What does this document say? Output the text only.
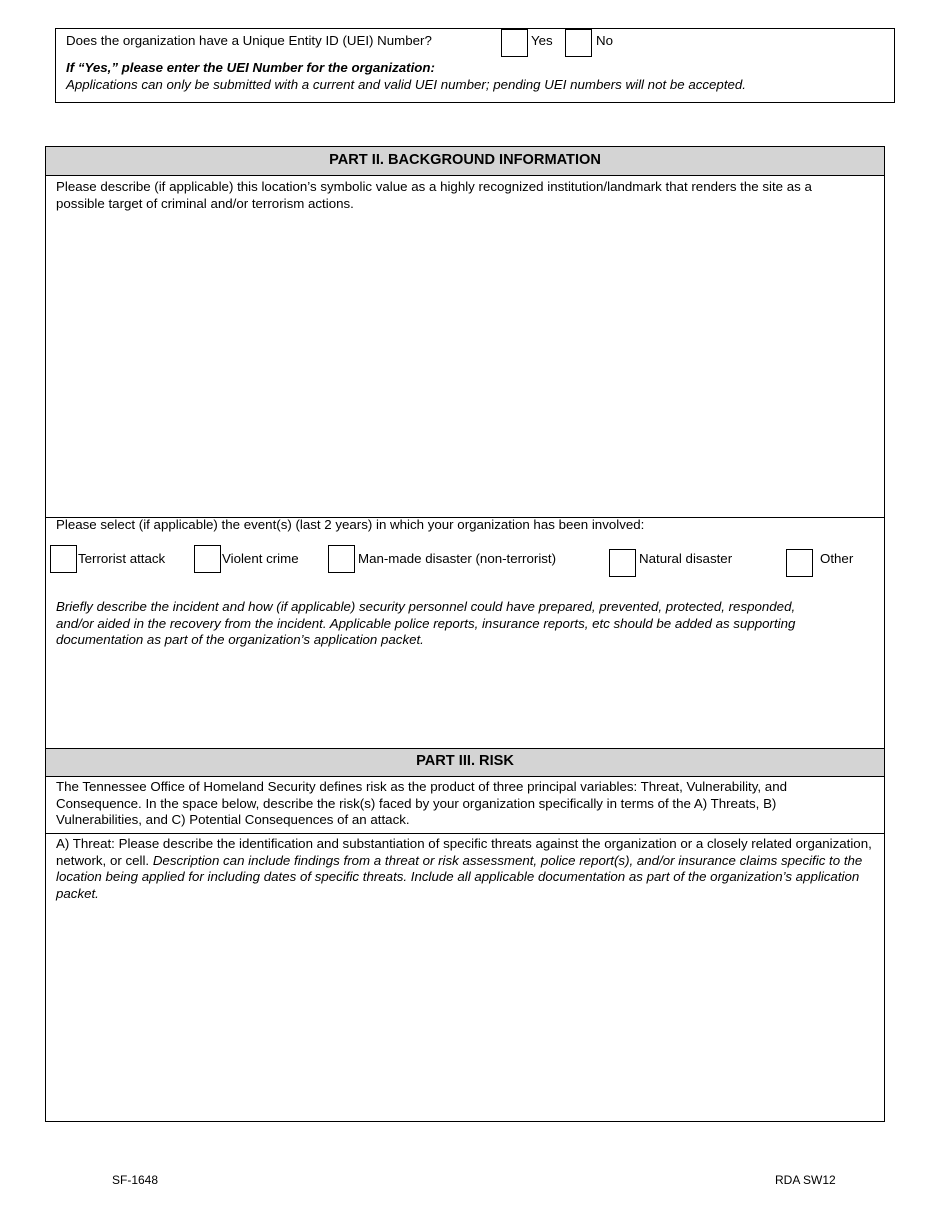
Does the organization have a Unique Entity ID (UEI) Number?	Yes
If “Yes,” please enter the UEI Number for the organization:
No
Applications can only be submitted with a current and valid UEI number; pending UEI numbers will not be accepted.
PART II. BACKGROUND INFORMATION
Please describe (if applicable) this location’s symbolic value as a highly recognized institution/landmark that renders the site as a possible target of criminal and/or terrorism actions.
Please select (if applicable) the event(s) (last 2 years) in which your organization has been involved:
Terrorist attack	Violent crime	Man-made disaster (non-terrorist)	Natural disaster	Other
Briefly describe the incident and how (if applicable) security personnel could have prepared, prevented, protected, responded, and/or aided in the recovery from the incident. Applicable police reports, insurance reports, etc should be added as supporting documentation as part of the organization’s application packet.
PART III. RISK
The Tennessee Office of Homeland Security defines risk as the product of three principal variables: Threat, Vulnerability, and Consequence. In the space below, describe the risk(s) faced by your organization specifically in terms of the A) Threats, B) Vulnerabilities, and C) Potential Consequences of an attack.
A) Threat: Please describe the identification and substantiation of specific threats against the organization or a closely related organization, network, or cell. Description can include findings from a threat or risk assessment, police report(s), and/or insurance claims specific to the location being applied for including dates of specific threats. Include all applicable documentation as part of the organization’s application packet.
SF-1648	RDA SW12
